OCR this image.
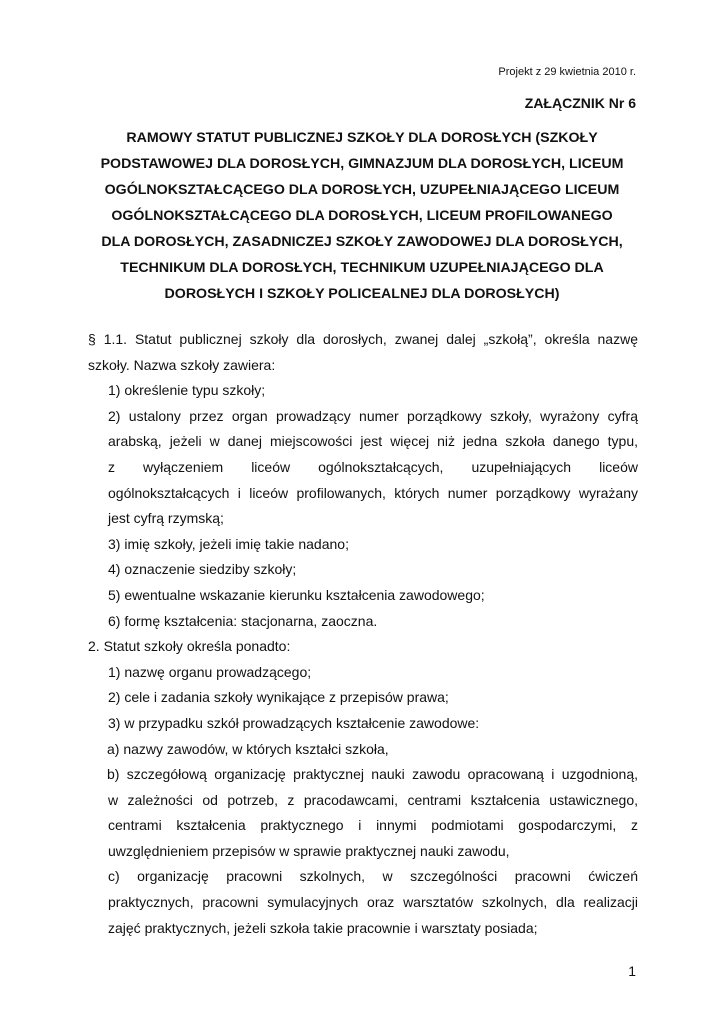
Projekt z 29 kwietnia 2010 r.
ZAŁĄCZNIK Nr 6
RAMOWY STATUT PUBLICZNEJ SZKOŁY DLA DOROSŁYCH (SZKOŁY
PODSTAWOWEJ DLA DOROSŁYCH, GIMNAZJUM DLA DOROSŁYCH, LICEUM
OGÓLNOKSZTAŁCĄCEGO DLA DOROSŁYCH, UZUPEŁNIAJĄCEGO LICEUM
OGÓLNOKSZTAŁCĄCEGO DLA DOROSŁYCH, LICEUM PROFILOWANEGO
DLA DOROSŁYCH, ZASADNICZEJ SZKOŁY ZAWODOWEJ DLA DOROSŁYCH,
TECHNIKUM DLA DOROSŁYCH, TECHNIKUM UZUPEŁNIAJĄCEGO DLA
DOROSŁYCH I SZKOŁY POLICEALNEJ DLA DOROSŁYCH)
§ 1.1. Statut publicznej szkoły dla dorosłych, zwanej dalej „szkołą”, określa nazwę
szkoły. Nazwa szkoły zawiera:
1) określenie typu szkoły;
2) ustalony przez organ prowadzący numer porządkowy szkoły, wyrażony cyfrą
arabską, jeżeli w danej miejscowości jest więcej niż jedna szkoła danego typu,
z wyłączeniem liceów ogólnokształcących, uzupełniających liceów
ogólnokształcących i liceów profilowanych, których numer porządkowy wyrażany
jest cyfrą rzymską;
3) imię szkoły, jeżeli imię takie nadano;
4) oznaczenie siedziby szkoły;
5) ewentualne wskazanie kierunku kształcenia zawodowego;
6) formę kształcenia: stacjonarna, zaoczna.
2. Statut szkoły określa ponadto:
1) nazwę organu prowadzącego;
2) cele i zadania szkoły wynikające z przepisów prawa;
3) w przypadku szkół prowadzących kształcenie zawodowe:
a) nazwy zawodów, w których kształci szkoła,
b) szczegółową organizację praktycznej nauki zawodu opracowaną i uzgodnioną,
w zależności od potrzeb, z pracodawcami, centrami kształcenia ustawicznego,
centrami kształcenia praktycznego i innymi podmiotami gospodarczymi, z
uwzględnieniem przepisów w sprawie praktycznej nauki zawodu,
c) organizację pracowni szkolnych, w szczególności pracowni ćwiczeń
praktycznych, pracowni symulacyjnych oraz warsztatów szkolnych, dla realizacji
zajęć praktycznych, jeżeli szkoła takie pracownie i warsztaty posiada;
1
